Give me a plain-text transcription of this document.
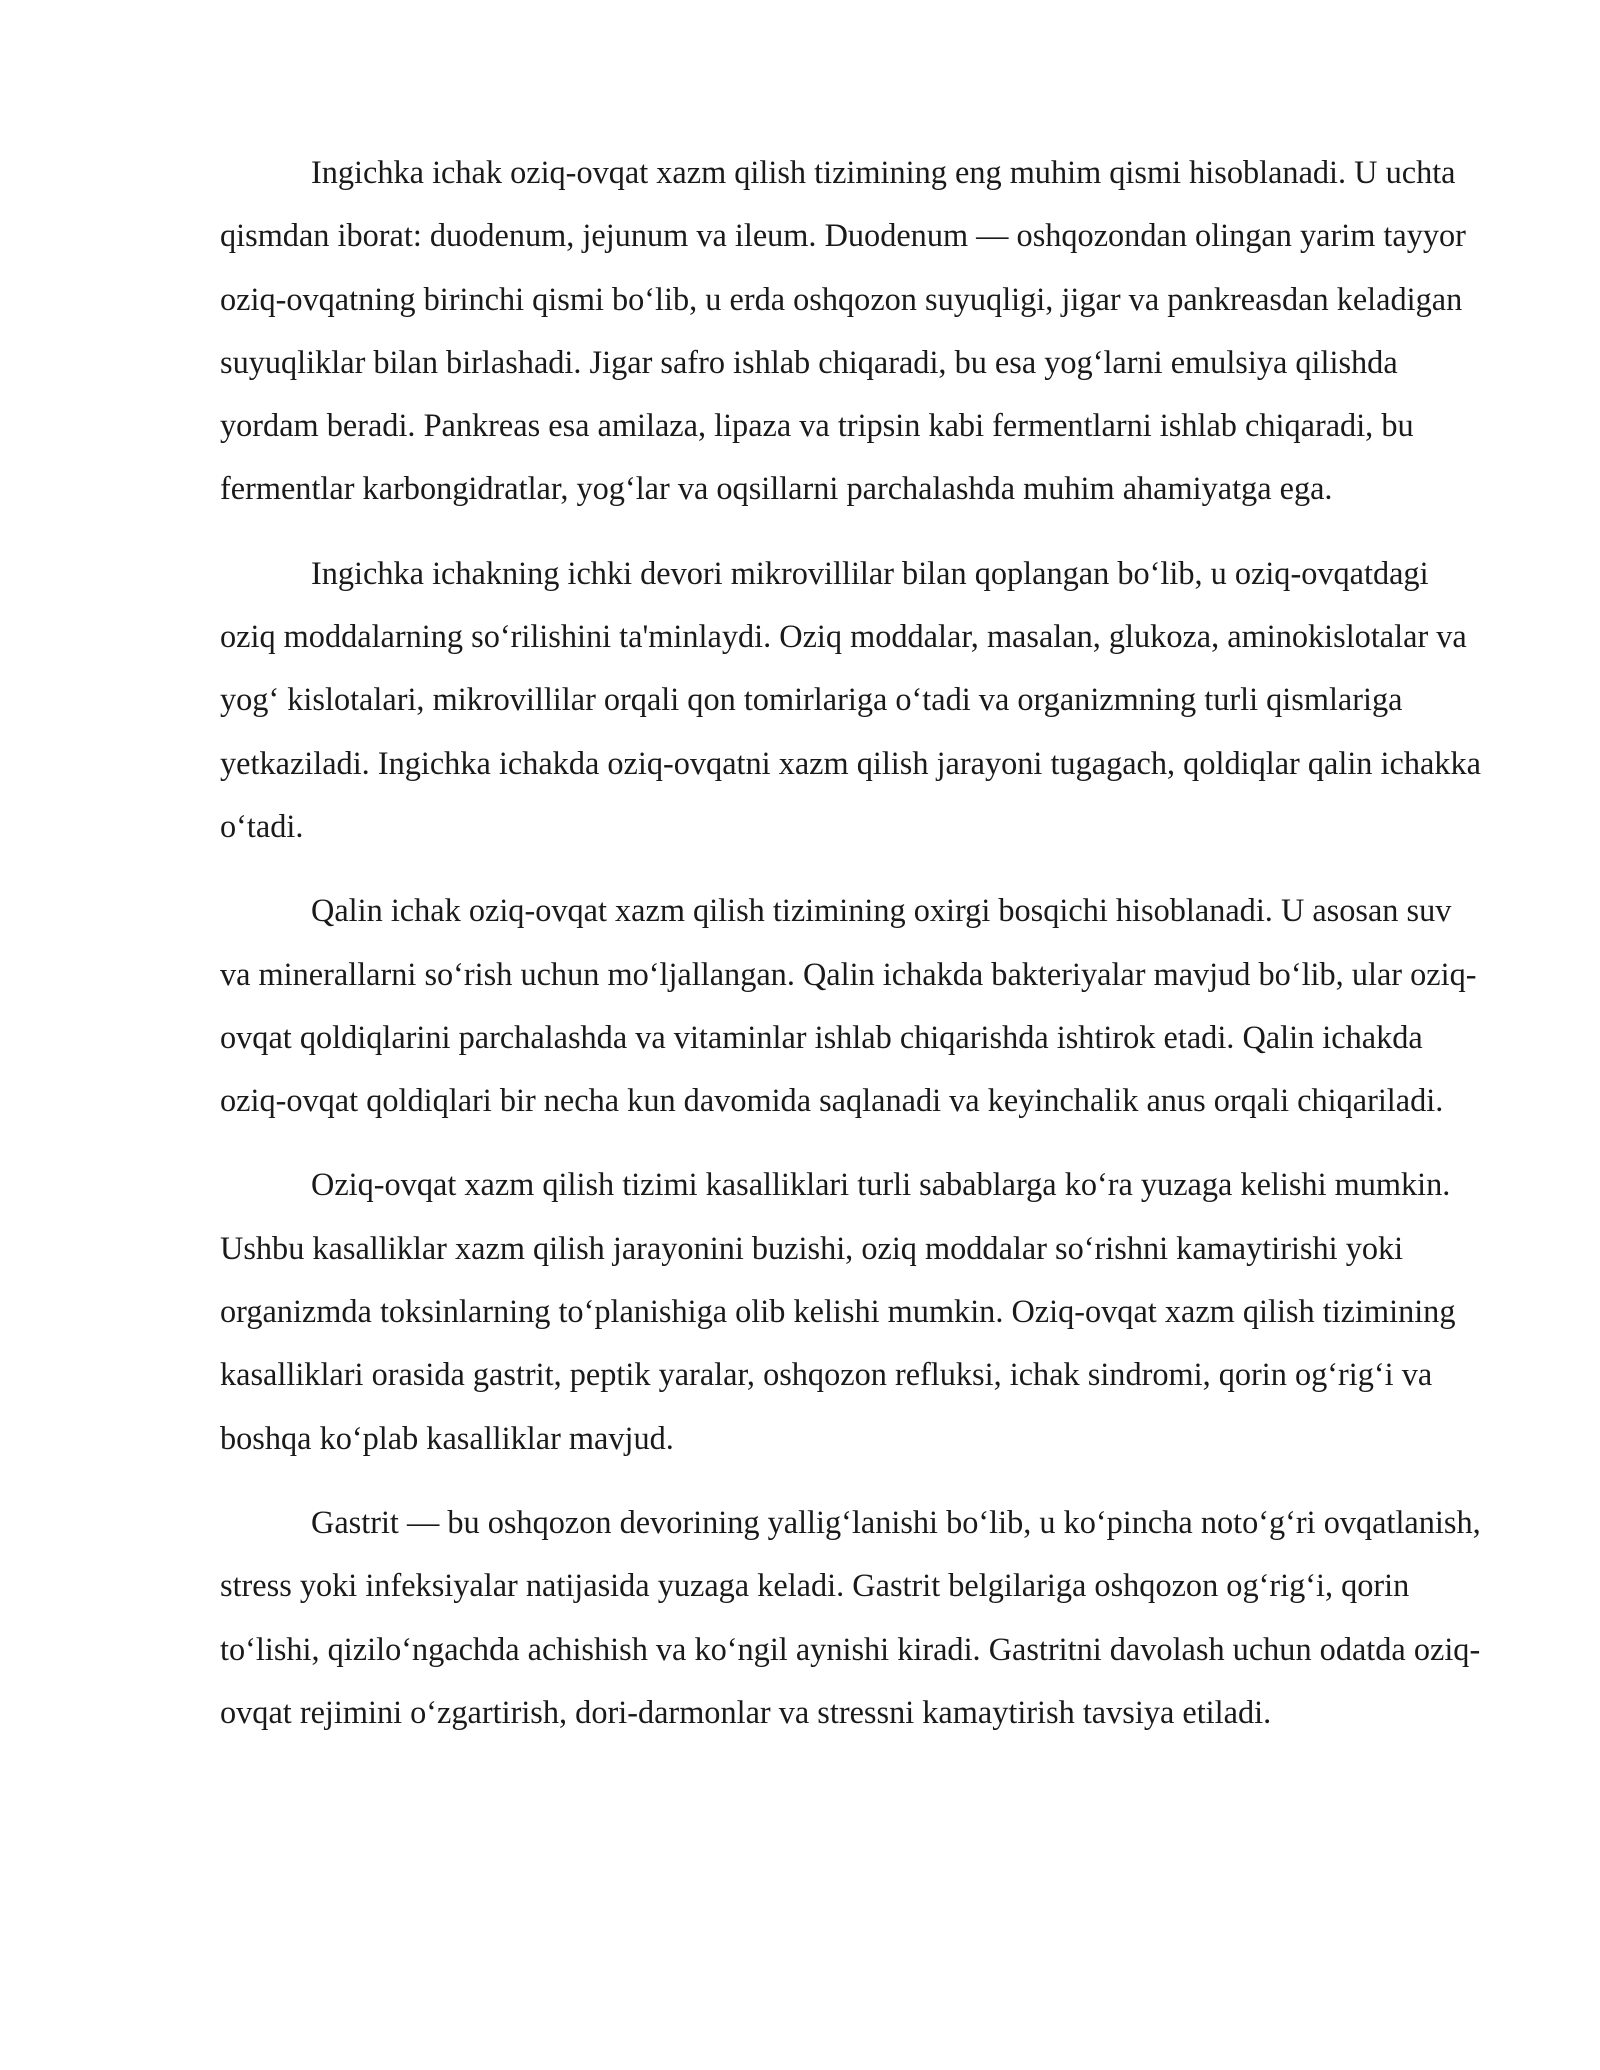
Ingichka ichak oziq-ovqat xazm qilish tizimining eng muhim qismi hisoblanadi. U uchta qismdan iborat: duodenum, jejunum va ileum. Duodenum — oshqozondan olingan yarim tayyor oziq-ovqatning birinchi qismi bo‘lib, u erda oshqozon suyuqligi, jigar va pankreasdan keladigan suyuqliklar bilan birlashadi. Jigar safro ishlab chiqaradi, bu esa yog‘larni emulsiya qilishda yordam beradi. Pankreas esa amilaza, lipaza va tripsin kabi fermentlarni ishlab chiqaradi, bu fermentlar karbongidratlar, yog‘lar va oqsillarni parchalashda muhim ahamiyatga ega.

Ingichka ichakning ichki devori mikrovillilar bilan qoplangan bo‘lib, u oziq-ovqatdagi oziq moddalarning so‘rilishini ta'minlaydi. Oziq moddalar, masalan, glukoza, aminokislotalar va yog‘ kislotalari, mikrovillilar orqali qon tomirlariga o‘tadi va organizmning turli qismlariga yetkaziladi. Ingichka ichakda oziq-ovqatni xazm qilish jarayoni tugagach, qoldiqlar qalin ichakka o‘tadi.

Qalin ichak oziq-ovqat xazm qilish tizimining oxirgi bosqichi hisoblanadi. U asosan suv va minerallarni so‘rish uchun mo‘ljallangan. Qalin ichakda bakteriyalar mavjud bo‘lib, ular oziq-ovqat qoldiqlarini parchalashda va vitaminlar ishlab chiqarishda ishtirok etadi. Qalin ichakda oziq-ovqat qoldiqlari bir necha kun davomida saqlanadi va keyinchalik anus orqali chiqariladi.

Oziq-ovqat xazm qilish tizimi kasalliklari turli sabablarga ko‘ra yuzaga kelishi mumkin. Ushbu kasalliklar xazm qilish jarayonini buzishi, oziq moddalar so‘rishni kamaytirishi yoki organizmda toksinlarning to‘planishiga olib kelishi mumkin. Oziq-ovqat xazm qilish tizimining kasalliklari orasida gastrit, peptik yaralar, oshqozon refluksi, ichak sindromi, qorin og‘rig‘i va boshqa ko‘plab kasalliklar mavjud.

Gastrit — bu oshqozon devorining yallig‘lanishi bo‘lib, u ko‘pincha noto‘g‘ri ovqatlanish, stress yoki infeksiyalar natijasida yuzaga keladi. Gastrit belgilariga oshqozon og‘rig‘i, qorin to‘lishi, qizilo‘ngachda achishish va ko‘ngil aynishi kiradi. Gastritni davolash uchun odatda oziq-ovqat rejimini o‘zgartirish, dori-darmonlar va stressni kamaytirish tavsiya etiladi.
